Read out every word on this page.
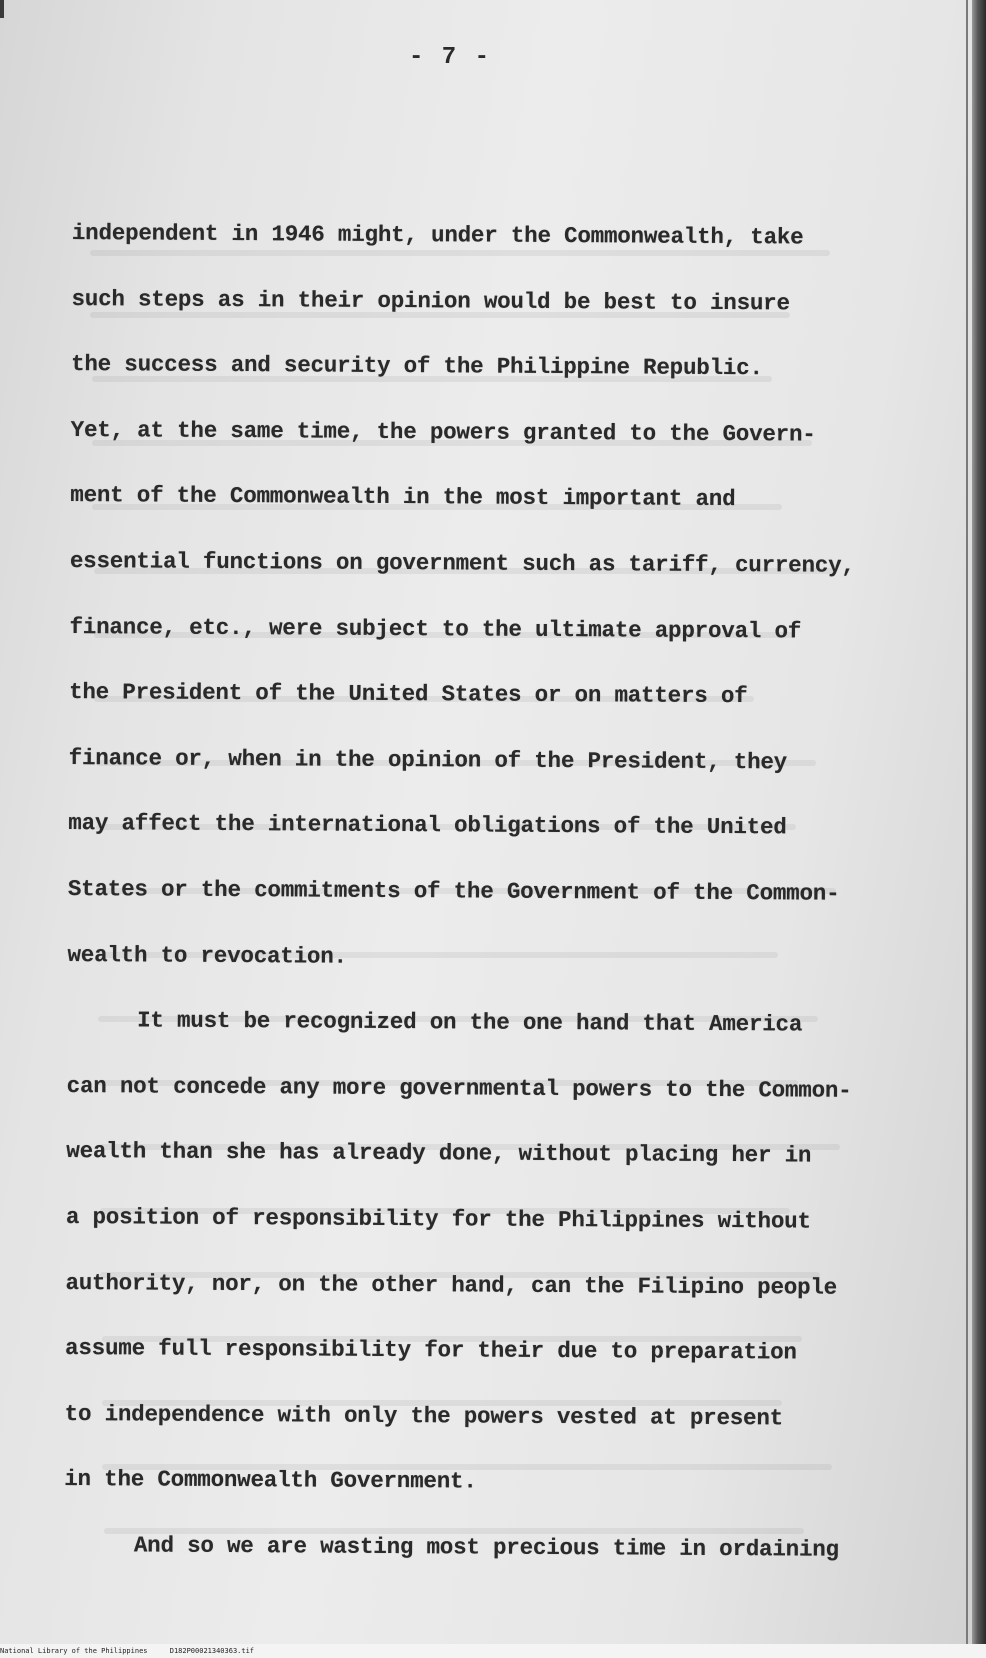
- 7 -
independent in 1946 might, under the Commonwealth, take
such steps as in their opinion would be best to insure
the success and security of the Philippine Republic.
Yet, at the same time, the powers granted to the Govern-
ment of the Commonwealth in the most important and
essential functions on government such as tariff, currency,
finance, etc., were subject to the ultimate approval of
the President of the United States or on matters of
finance or, when in the opinion of the President, they
may affect the international obligations of the United
States or the commitments of the Government of the Common-
wealth to revocation.
It must be recognized on the one hand that America
can not concede any more governmental powers to the Common-
wealth than she has already done, without placing her in
a position of responsibility for the Philippines without
authority, nor, on the other hand, can the Filipino people
assume full responsibility for their due to preparation
to independence with only the powers vested at present
in the Commonwealth Government.
And so we are wasting most precious time in ordaining
National Library of the Philippines	D182P00021340363.tif
